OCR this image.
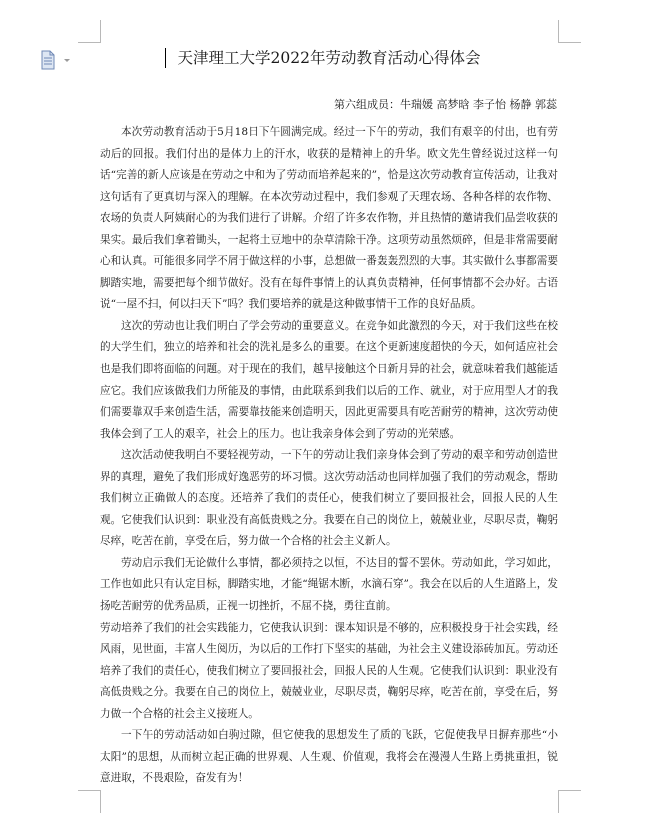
天津理工大学2022年劳动教育活动心得体会
第六组成员：牛瑞媛 高梦晗 李子怡 杨静 郭蕊

本次劳动教育活动于5月18日下午圆满完成。经过一下午的劳动，我们有艰辛的付出，也有劳动后的回报。我们付出的是体力上的汗水，收获的是精神上的升华。欧文先生曾经说过这样一句话“完善的新人应该是在劳动之中和为了劳动而培养起来的”，恰是这次劳动教育宣传活动，让我对这句话有了更真切与深入的理解。在本次劳动过程中，我们参观了天理农场、各种各样的农作物、农场的负责人阿姨耐心的为我们进行了讲解。介绍了许多农作物，并且热情的邀请我们品尝收获的果实。最后我们拿着锄头，一起将土豆地中的杂草清除干净。这项劳动虽然烦碎，但是非常需要耐心和认真。可能很多同学不屑于做这样的小事，总想做一番轰轰烈烈的大事。其实做什么事都需要脚踏实地，需要把每个细节做好。没有在每件事情上的认真负责精神，任何事情都不会办好。古语说“一屋不扫，何以扫天下”吗？我们要培养的就是这种做事情干工作的良好品质。

这次的劳动也让我们明白了学会劳动的重要意义。在竞争如此激烈的今天，对于我们这些在校的大学生们，独立的培养和社会的洗礼是多么的重要。在这个更新速度超快的今天，如何适应社会也是我们即将面临的问题。对于现在的我们，越早接触这个日新月异的社会，就意味着我们越能适应它。我们应该做我们力所能及的事情，由此联系到我们以后的工作、就业，对于应用型人才的我们需要靠双手来创造生活，需要靠技能来创造明天，因此更需要具有吃苦耐劳的精神，这次劳动使我体会到了工人的艰辛，社会上的压力。也让我亲身体会到了劳动的光荣感。

这次活动使我明白不要轻视劳动，一下午的劳动让我们亲身体会到了劳动的艰辛和劳动创造世界的真理，避免了我们形成好逸恶劳的坏习惯。这次劳动活动也同样加强了我们的劳动观念，帮助我们树立正确做人的态度。还培养了我们的责任心，使我们树立了要回报社会，回报人民的人生观。它使我们认识到：职业没有高低贵贱之分。我要在自己的岗位上，兢兢业业，尽职尽责，鞠躬尽瘁，吃苦在前，享受在后，努力做一个合格的社会主义新人。

劳动启示我们无论做什么事情，都必须持之以恒，不达目的誓不罢休。劳动如此，学习如此，工作也如此只有认定目标，脚踏实地，才能“绳锯木断，水滴石穿”。我会在以后的人生道路上，发扬吃苦耐劳的优秀品质，正视一切挫折，不屈不挠，勇往直前。

劳动培养了我们的社会实践能力，它使我认识到：课本知识是不够的，应积极投身于社会实践，经风雨，见世面，丰富人生阅历，为以后的工作打下坚实的基础，为社会主义建设添砖加瓦。劳动还培养了我们的责任心，使我们树立了要回报社会，回报人民的人生观。它使我们认识到：职业没有高低贵贱之分。我要在自己的岗位上，兢兢业业，尽职尽责，鞠躬尽瘁，吃苦在前，享受在后，努力做一个合格的社会主义接班人。

一下午的劳动活动如白驹过隙，但它使我的思想发生了质的飞跃，它促使我早日摒弃那些“小太阳”的思想，从而树立起正确的世界观、人生观、价值观，我将会在漫漫人生路上勇挑重担，锐意进取，不畏艰险，奋发有为！
